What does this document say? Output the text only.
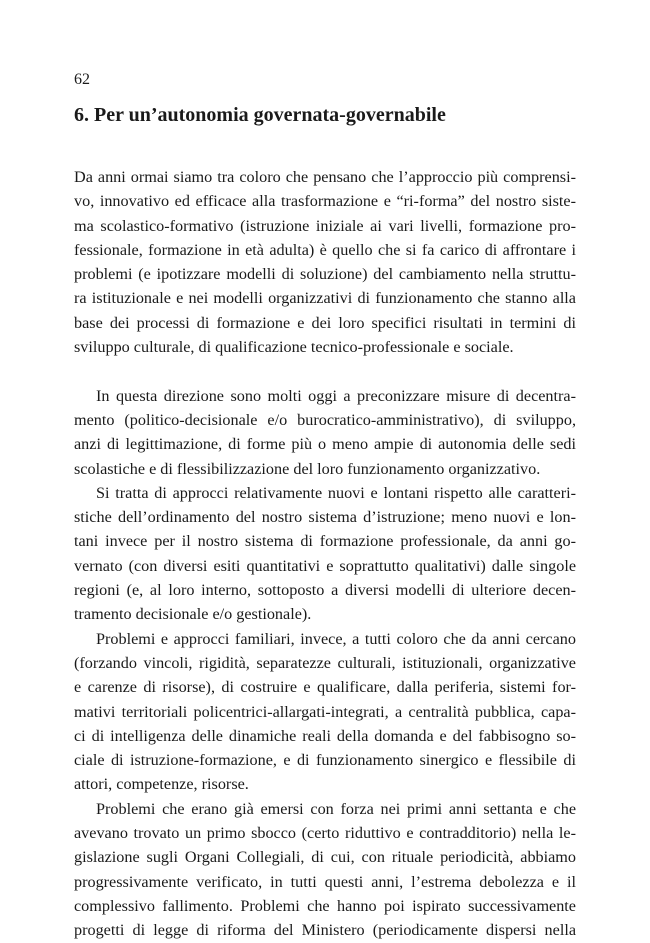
62
6. Per un’autonomia governata-governabile
Da anni ormai siamo tra coloro che pensano che l’approccio più comprensi-
vo, innovativo ed efficace alla trasformazione e “ri-forma” del nostro siste-
ma scolastico-formativo (istruzione iniziale ai vari livelli, formazione pro-
fessionale, formazione in età adulta) è quello che si fa carico di affrontare i
problemi (e ipotizzare modelli di soluzione) del cambiamento nella struttu-
ra istituzionale e nei modelli organizzativi di funzionamento che stanno alla
base dei processi di formazione e dei loro specifici risultati in termini di
sviluppo culturale, di qualificazione tecnico-professionale e sociale.
In questa direzione sono molti oggi a preconizzare misure di decentra-
mento (politico-decisionale e/o burocratico-amministrativo), di sviluppo,
anzi di legittimazione, di forme più o meno ampie di autonomia delle sedi
scolastiche e di flessibilizzazione del loro funzionamento organizzativo.
Si tratta di approcci relativamente nuovi e lontani rispetto alle caratteri-
stiche dell’ordinamento del nostro sistema d’istruzione; meno nuovi e lon-
tani invece per il nostro sistema di formazione professionale, da anni go-
vernato (con diversi esiti quantitativi e soprattutto qualitativi) dalle singole
regioni (e, al loro interno, sottoposto a diversi modelli di ulteriore decen-
tramento decisionale e/o gestionale).
Problemi e approcci familiari, invece, a tutti coloro che da anni cercano
(forzando vincoli, rigidità, separatezze culturali, istituzionali, organizzative
e carenze di risorse), di costruire e qualificare, dalla periferia, sistemi for-
mativi territoriali policentrici-allargati-integrati, a centralità pubblica, capa-
ci di intelligenza delle dinamiche reali della domanda e del fabbisogno so-
ciale di istruzione-formazione, e di funzionamento sinergico e flessibile di
attori, competenze, risorse.
Problemi che erano già emersi con forza nei primi anni settanta e che
avevano trovato un primo sbocco (certo riduttivo e contradditorio) nella le-
gislazione sugli Organi Collegiali, di cui, con rituale periodicità, abbiamo
progressivamente verificato, in tutti questi anni, l’estrema debolezza e il
complessivo fallimento. Problemi che hanno poi ispirato successivamente
progetti di legge di riforma del Ministero (periodicamente dispersi nella
